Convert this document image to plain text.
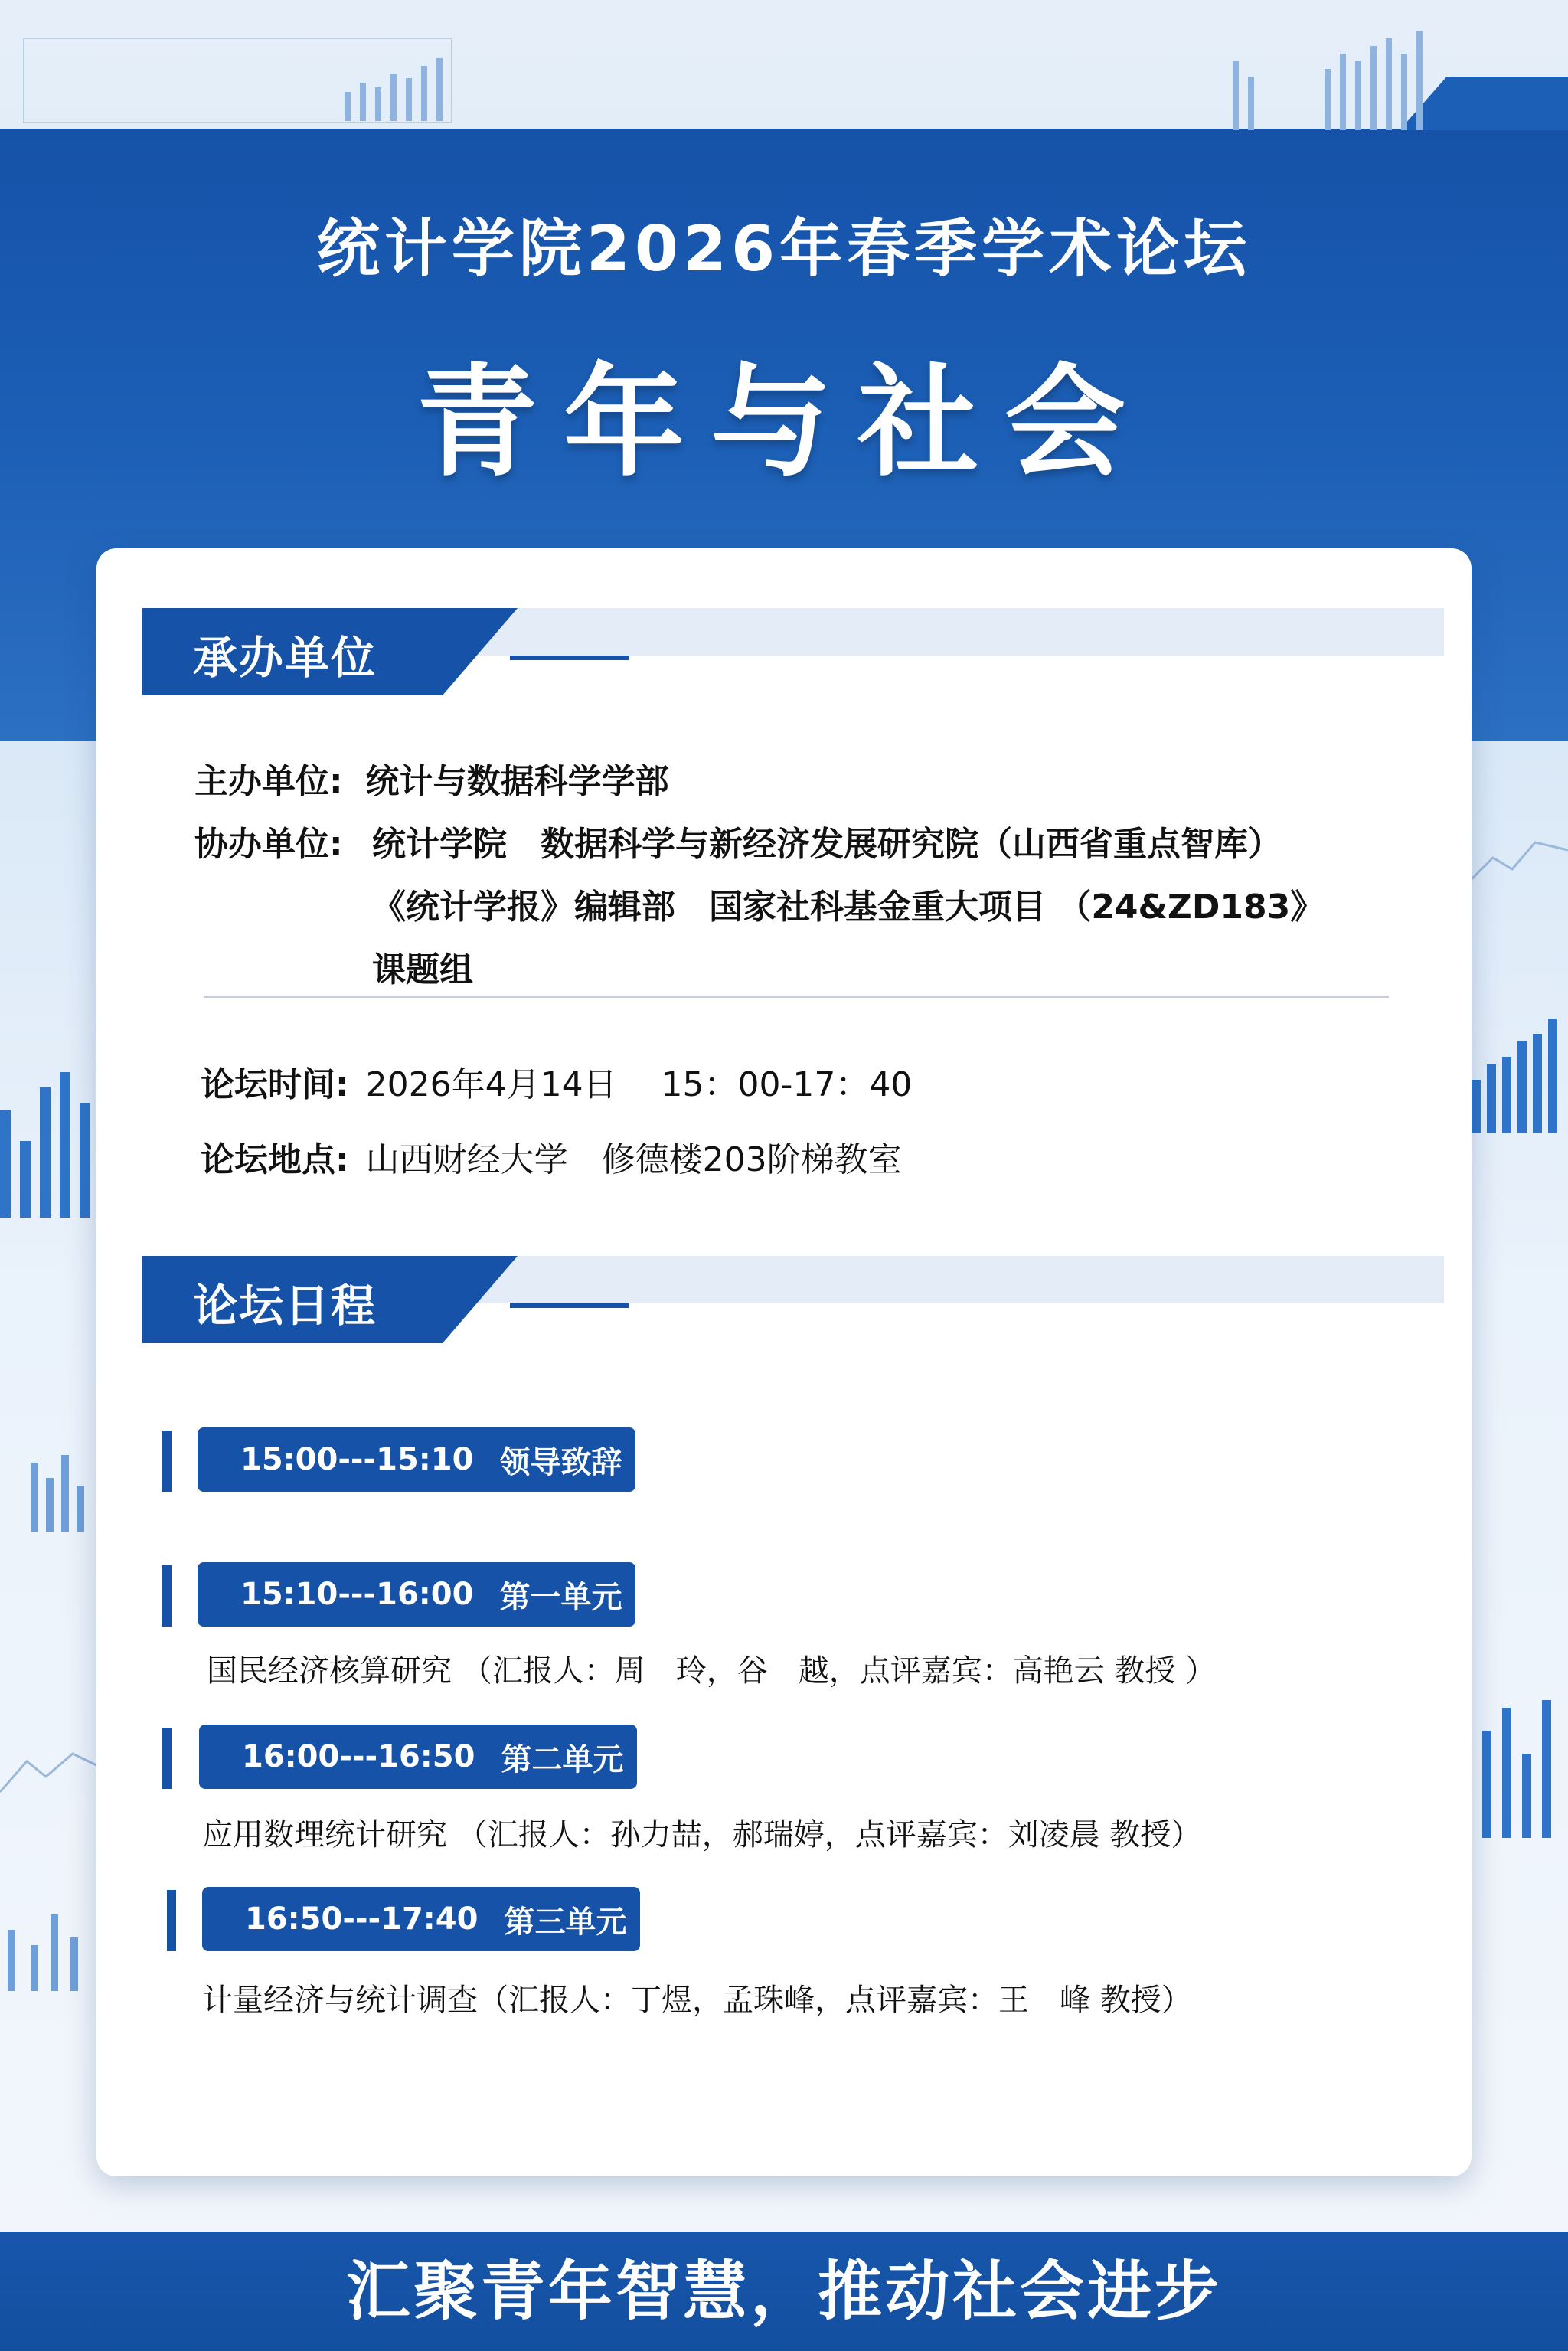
统计学院2026年春季学术论坛
青年与社会
承办单位
主办单位: 统计与数据科学学部
协办单位: 统计学院　数据科学与新经济发展研究院（山西省重点智库）
《统计学报》编辑部　国家社科基金重大项目 （24&ZD183》
课题组
论坛时间: 2026年4月14日　 15：00-17：40
论坛地点: 山西财经大学　修德楼203阶梯教室
论坛日程
15:00---15:10 领导致辞
15:10---16:00 第一单元
国民经济核算研究 （汇报人：周　玲，谷　越，点评嘉宾：高艳云 教授 ）
16:00---16:50 第二单元
应用数理统计研究 （汇报人：孙力喆，郝瑞婷，点评嘉宾：刘凌晨 教授）
16:50---17:40 第三单元
计量经济与统计调查（汇报人：丁煜，孟珠峰，点评嘉宾：王　峰 教授）
汇聚青年智慧，推动社会进步
